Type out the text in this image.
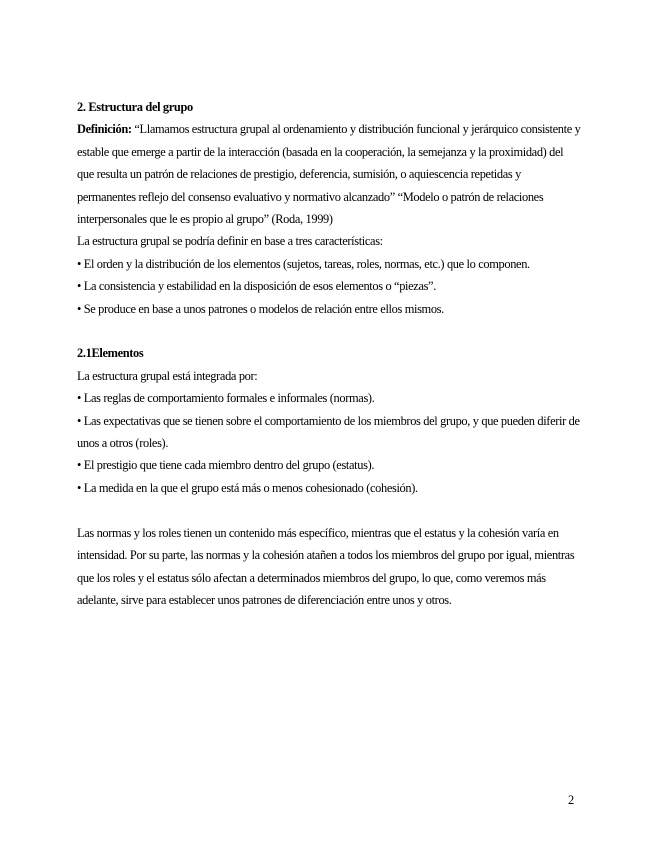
2. Estructura del grupo

Definición: “Llamamos estructura grupal al ordenamiento y distribución funcional y jerárquico consistente y estable que emerge a partir de la interacción (basada en la cooperación, la semejanza y la proximidad) del que resulta un patrón de relaciones de prestigio, deferencia, sumisión, o aquiescencia repetidas y permanentes reflejo del consenso evaluativo y normativo alcanzado” “Modelo o patrón de relaciones interpersonales que le es propio al grupo” (Roda, 1999)

La estructura grupal se podría definir en base a tres características:

• El orden y la distribución de los elementos (sujetos, tareas, roles, normas, etc.) que lo componen.

• La consistencia y estabilidad en la disposición de esos elementos o “piezas”.

• Se produce en base a unos patrones o modelos de relación entre ellos mismos.

2.1Elementos

La estructura grupal está integrada por:

• Las reglas de comportamiento formales e informales (normas).

• Las expectativas que se tienen sobre el comportamiento de los miembros del grupo, y que pueden diferir de unos a otros (roles).

• El prestigio que tiene cada miembro dentro del grupo (estatus).

• La medida en la que el grupo está más o menos cohesionado (cohesión).

Las normas y los roles tienen un contenido más específico, mientras que el estatus y la cohesión varía en intensidad. Por su parte, las normas y la cohesión atañen a todos los miembros del grupo por igual, mientras que los roles y el estatus sólo afectan a determinados miembros del grupo, lo que, como veremos más adelante, sirve para establecer unos patrones de diferenciación entre unos y otros.

2
